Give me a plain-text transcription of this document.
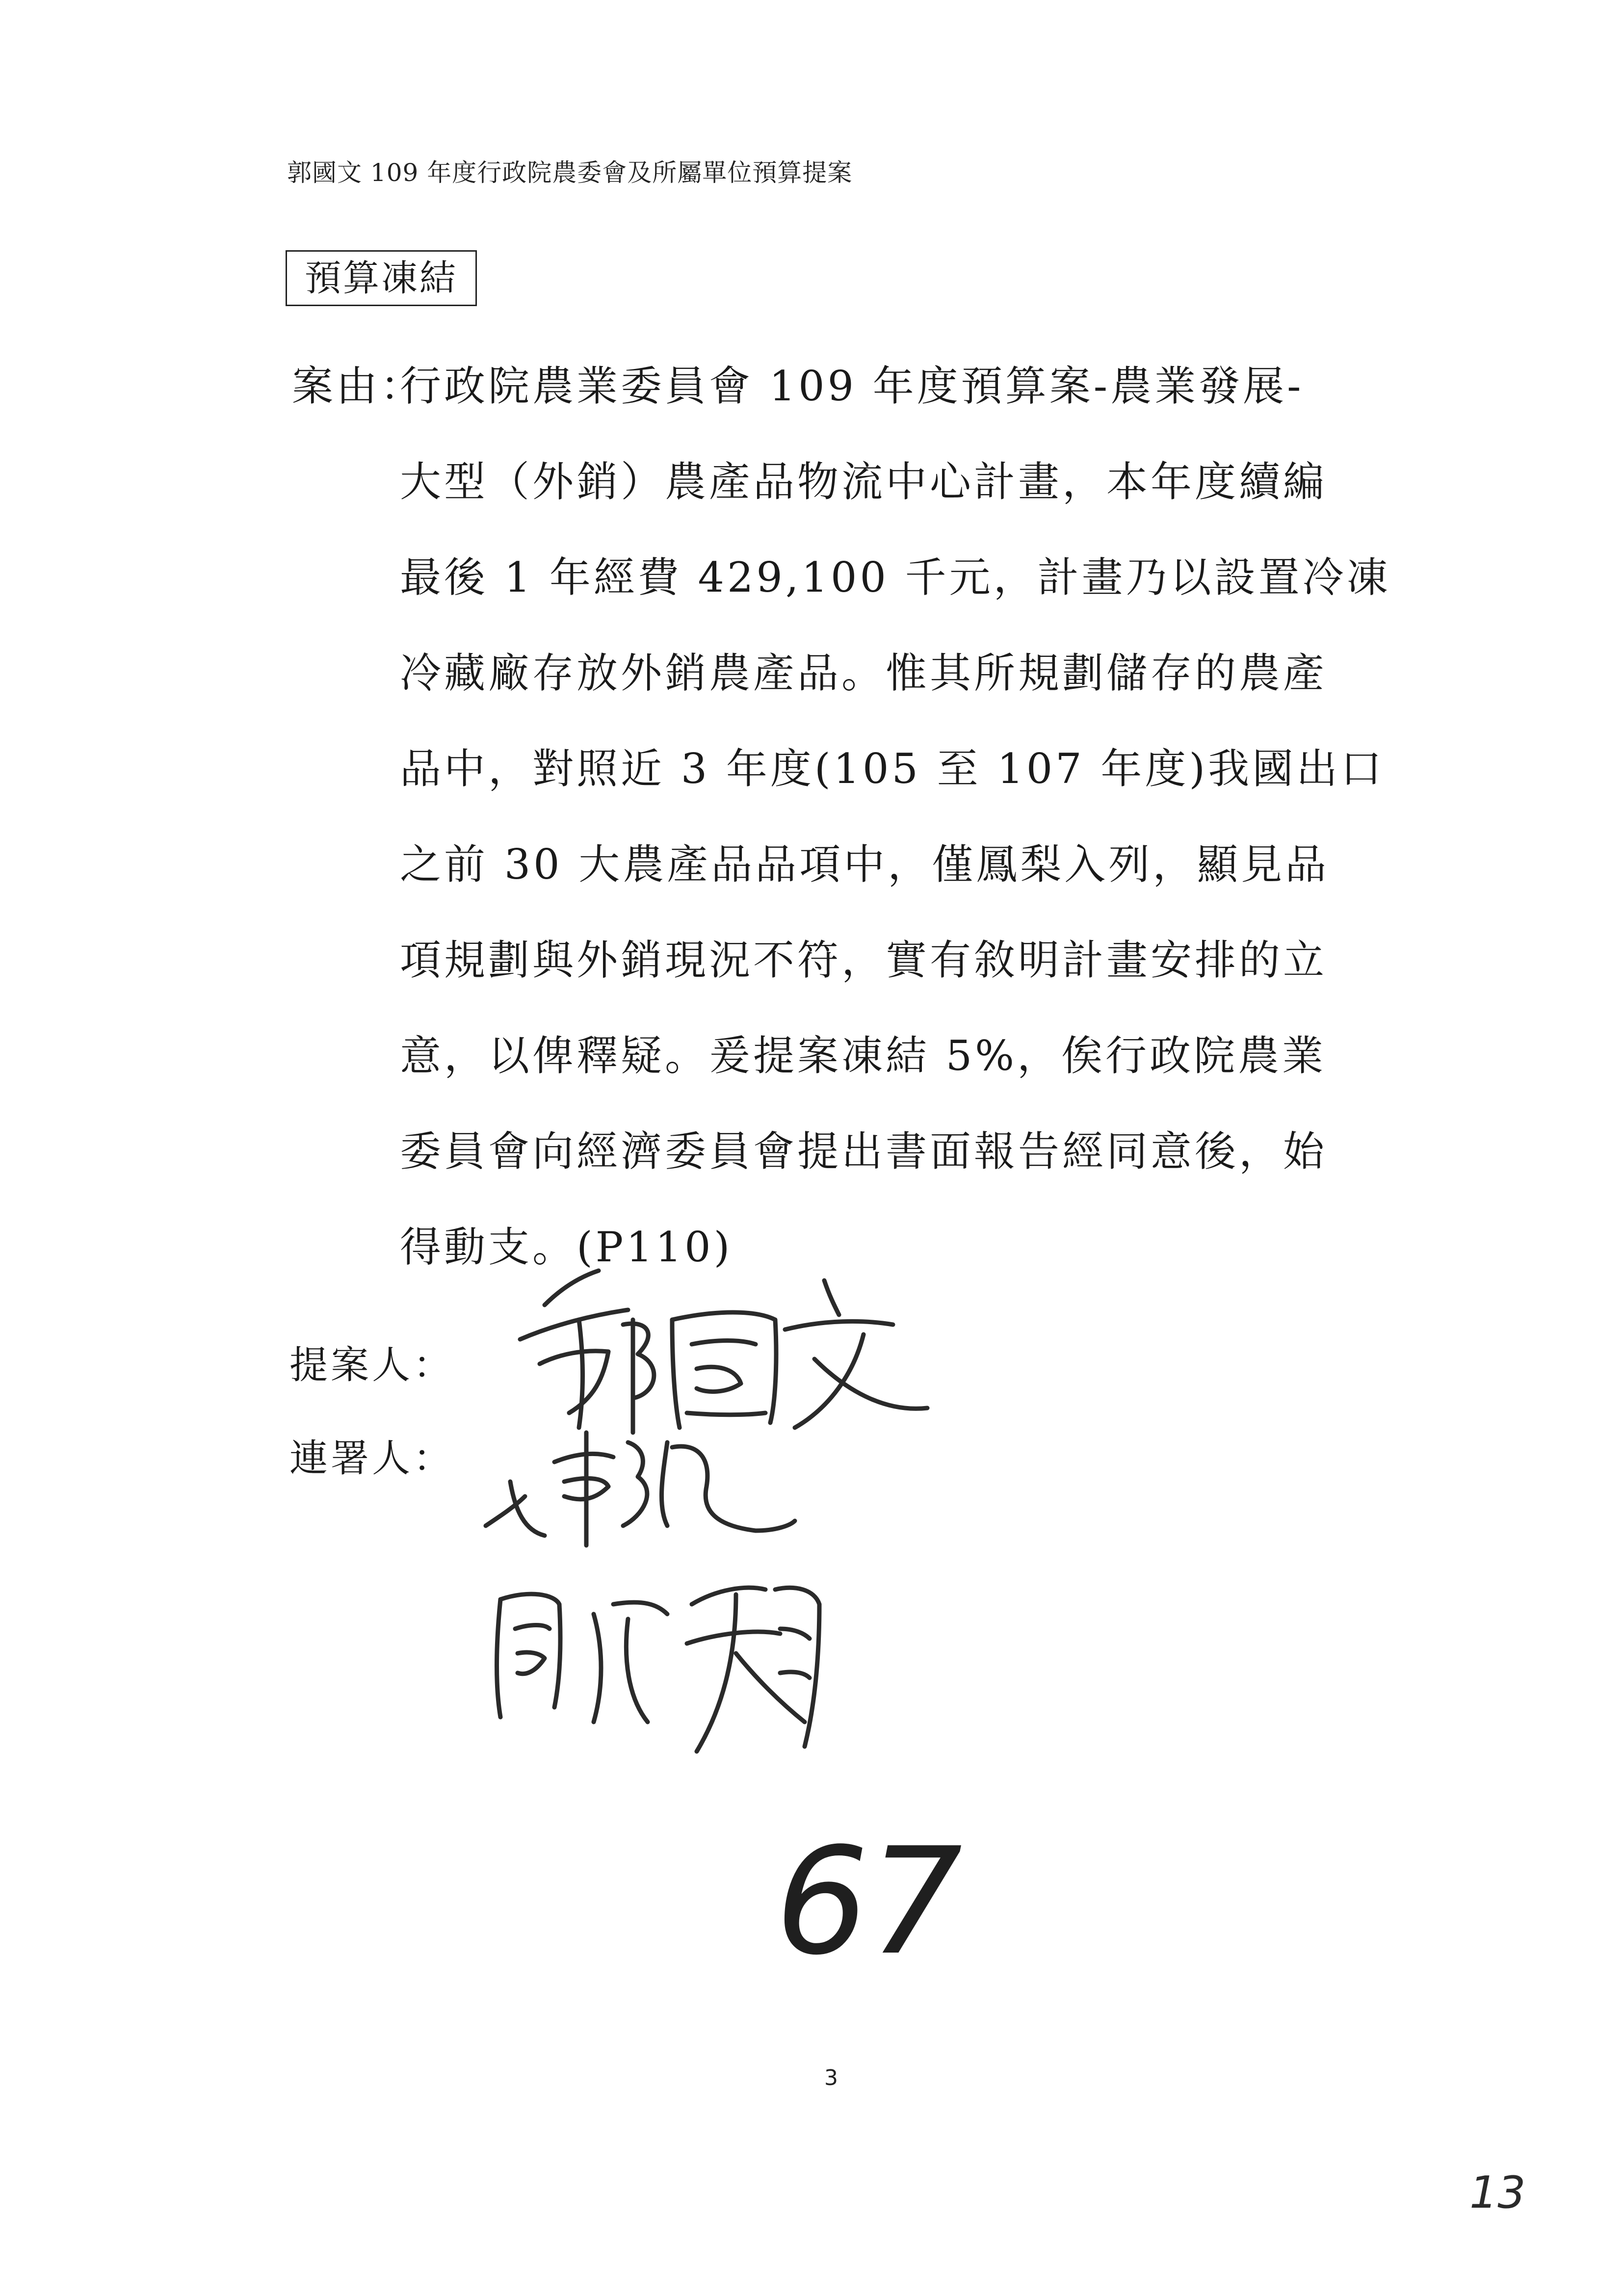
郭國文 109 年度行政院農委會及所屬單位預算提案
預算凍結
案由：
行政院農業委員會 109 年度預算案-農業發展-
大型（外銷）農產品物流中心計畫，本年度續編
最後 1 年經費 429,100 千元，計畫乃以設置冷凍
冷藏廠存放外銷農產品。惟其所規劃儲存的農產
品中，對照近 3 年度(105 至 107 年度)我國出口
之前 30 大農產品品項中，僅鳳梨入列，顯見品
項規劃與外銷現況不符，實有敘明計畫安排的立
意，以俾釋疑。爰提案凍結 5%，俟行政院農業
委員會向經濟委員會提出書面報告經同意後，始
得動支。(P110)
提案人：
連署人：
67
3
13
